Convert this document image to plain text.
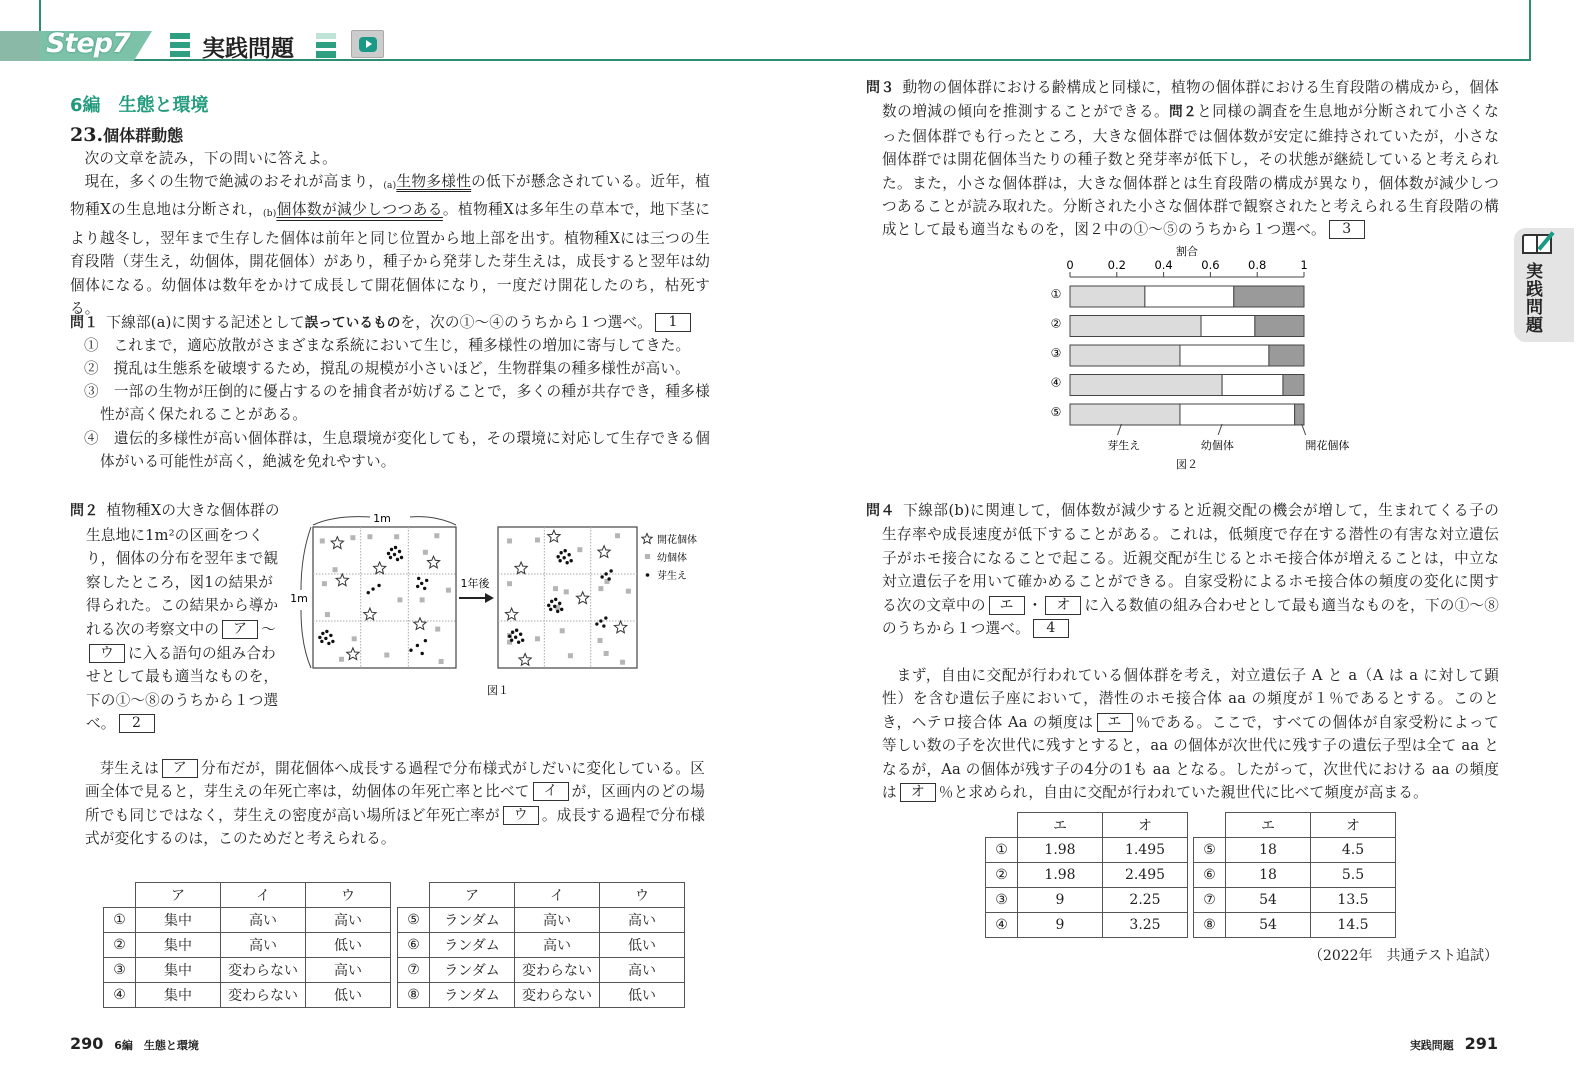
Step7	実践問題
6編　生態と環境
23.個体群動態
次の文章を読み，下の問いに答えよ。
現在，多くの生物で絶滅のおそれが高まり，(a)生物多様性の低下が懸念されている。近年，植物種Xの生息地は分断され，(b)個体数が減少しつつある。植物種Xは多年生の草本で，地下茎により越冬し，翌年まで生存した個体は前年と同じ位置から地上部を出す。植物種Xには三つの生育段階（芽生え，幼個体，開花個体）があり，種子から発芽した芽生えは，成長すると翌年は幼個体になる。幼個体は数年をかけて成長して開花個体になり，一度だけ開花したのち，枯死する。
問１ 下線部(a)に関する記述として誤っているものを，次の①～④のうちから１つ選べ。 1
①　これまで，適応放散がさまざまな系統において生じ，種多様性の増加に寄与してきた。
②　撹乱は生態系を破壊するため，撹乱の規模が小さいほど，生物群集の種多様性が高い。
③　一部の生物が圧倒的に優占するのを捕食者が妨げることで，多くの種が共存でき，種多様性が高く保たれることがある。
④　遺伝的多様性が高い個体群は，生息環境が変化しても，その環境に対応して生存できる個体がいる可能性が高く，絶滅を免れやすい。
問２ 植物種Xの大きな個体群の生息地に1m²の区画をつくり，個体の分布を翌年まで観察したところ，図1の結果が得られた。この結果から導かれる次の考察文中の ア ～ウ に入る語句の組み合わせとして最も適当なものを，下の①～⑧のうちから１つ選べ。 2
1m
1m
1年後
開花個体
幼個体
芽生え
図１
芽生えは ア 分布だが，開花個体へ成長する過程で分布様式がしだいに変化している。区画全体で見ると，芽生えの年死亡率は，幼個体の年死亡率と比べて イ が，区画内のどの場所でも同じではなく，芽生えの密度が高い場所ほど年死亡率が ウ 。成長する過程で分布様式が変化するのは，このためだと考えられる。
	ア	イ	ウ
①	集中	高い	高い
②	集中	高い	低い
③	集中	変わらない	高い
④	集中	変わらない	低い
	ア	イ	ウ
⑤	ランダム	高い	高い
⑥	ランダム	高い	低い
⑦	ランダム	変わらない	高い
⑧	ランダム	変わらない	低い
290 6編　生態と環境
問３ 動物の個体群における齢構成と同様に，植物の個体群における生育段階の構成から，個体数の増減の傾向を推測することができる。問２と同様の調査を生息地が分断されて小さくなった個体群でも行ったところ，大きな個体群では個体数が安定に維持されていたが，小さな個体群では開花個体当たりの種子数と発芽率が低下し，その状態が継続していると考えられた。また，小さな個体群は，大きな個体群とは生育段階の構成が異なり，個体数が減少しつつあることが読み取れた。分断された小さな個体群で観察されたと考えられる生育段階の構成として最も適当なものを，図２中の①～⑤のうちから１つ選べ。 3
割合
0	0.2 0.4 0.6 0.8	1
①
②
③
④
⑤
芽生え	幼個体	開花個体
図２
問４ 下線部(b)に関連して，個体数が減少すると近親交配の機会が増して，生まれてくる子の生存率や成長速度が低下することがある。これは，低頻度で存在する潜性の有害な対立遺伝子がホモ接合になることで起こる。近親交配が生じるとホモ接合体が増えることは，中立な対立遺伝子を用いて確かめることができる。自家受粉によるホモ接合体の頻度の変化に関する次の文章中の エ ・ オ に入る数値の組み合わせとして最も適当なものを，下の①～⑧のうちから１つ選べ。 4
まず，自由に交配が行われている個体群を考え，対立遺伝子 A と a（A は a に対して顕性）を含む遺伝子座において，潜性のホモ接合体 aa の頻度が１％であるとする。このとき，ヘテロ接合体 Aa の頻度は エ ％である。ここで，すべての個体が自家受粉によって等しい数の子を次世代に残すとすると，aa の個体が次世代に残す子の遺伝子型は全て aa となるが，Aa の個体が残す子の4分の1も aa となる。したがって，次世代における aa の頻度は オ ％と求められ，自由に交配が行われていた親世代に比べて頻度が高まる。
	エ	オ
①	1.98	1.495
②	1.98	2.495
③	9	2.25
④	9	3.25
	エ	オ
⑤	18	4.5
⑥	18	5.5
⑦	54	13.5
⑧	54	14.5
（2022年　共通テスト追試）
実践問題
実践問題 291
